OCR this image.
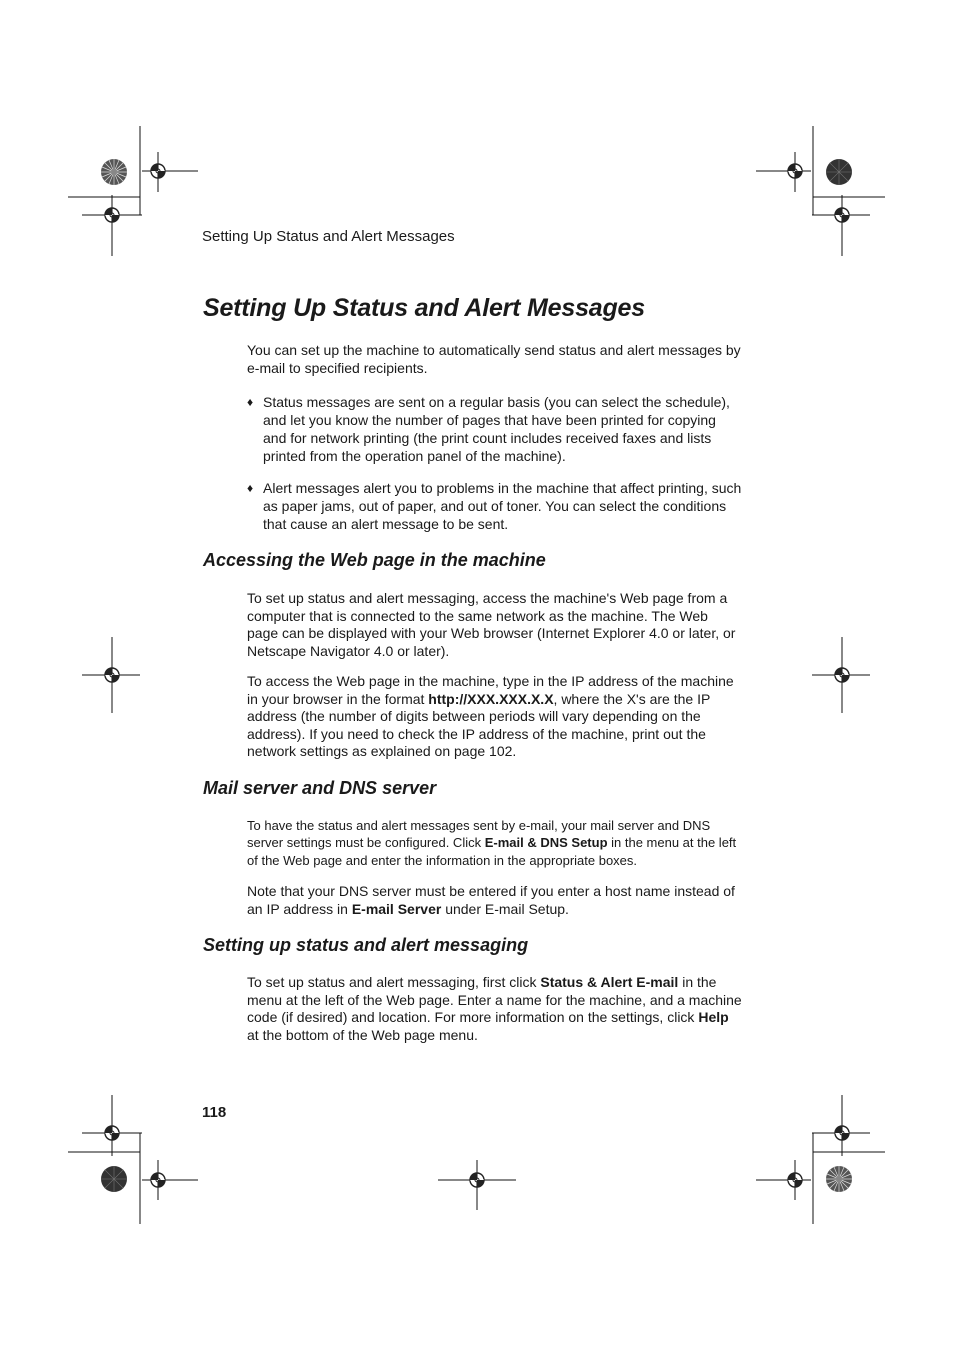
Setting Up Status and Alert Messages
Setting Up Status and Alert Messages

You can set up the machine to automatically send status and alert messages by e-mail to specified recipients.

♦ Status messages are sent on a regular basis (you can select the schedule), and let you know the number of pages that have been printed for copying and for network printing (the print count includes received faxes and lists printed from the operation panel of the machine).
♦ Alert messages alert you to problems in the machine that affect printing, such as paper jams, out of paper, and out of toner. You can select the conditions that cause an alert message to be sent.
Accessing the Web page in the machine

To set up status and alert messaging, access the machine's Web page from a computer that is connected to the same network as the machine. The Web page can be displayed with your Web browser (Internet Explorer 4.0 or later, or Netscape Navigator 4.0 or later).

To access the Web page in the machine, type in the IP address of the machine in your browser in the format http://XXX.XXX.X.X, where the X's are the IP address (the number of digits between periods will vary depending on the address). If you need to check the IP address of the machine, print out the network settings as explained on page 102.

Mail server and DNS server

To have the status and alert messages sent by e-mail, your mail server and DNS server settings must be configured. Click E-mail & DNS Setup in the menu at the left of the Web page and enter the information in the appropriate boxes.

Note that your DNS server must be entered if you enter a host name instead of an IP address in E-mail Server under E-mail Setup.

Setting up status and alert messaging

To set up status and alert messaging, first click Status & Alert E-mail in the menu at the left of the Web page. Enter a name for the machine, and a machine code (if desired) and location. For more information on the settings, click Help at the bottom of the Web page menu.

118
